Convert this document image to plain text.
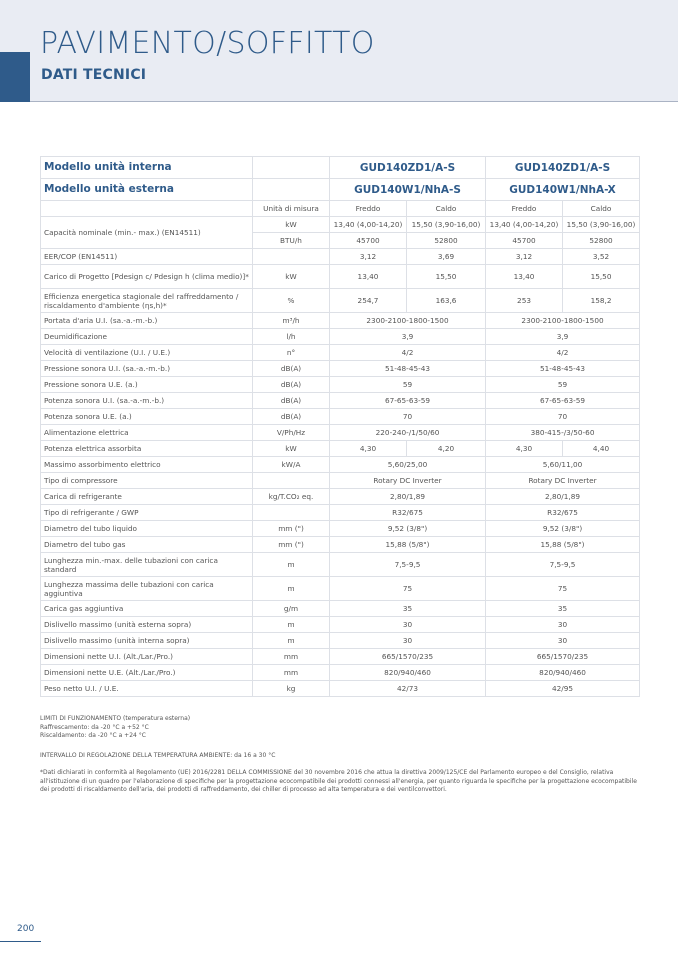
PAVIMENTO/SOFFITTO
DATI TECNICI
Modello unità interna		GUD140ZD1/A-S		GUD140ZD1/A-S	
Modello unità esterna		GUD140W1/NhA-S		GUD140W1/NhA-X	
	Unità di misura	Freddo	Caldo	Freddo	Caldo
Capacità nominale (min.- max.) (EN14511)	kW	13,40 (4,00-14,20)	15,50 (3,90-16,00)	13,40 (4,00-14,20)	15,50 (3,90-16,00)
	BTU/h	45700	52800	45700	52800
EER/COP (EN14511)		3,12	3,69	3,12	3,52
Carico di Progetto [Pdesign c/ Pdesign h (clima medio)]*	kW	13,40	15,50	13,40	15,50
Efficienza energetica stagionale del raffreddamento / riscaldamento d'ambiente (ηs,h)*	%	254,7	163,6	253	158,2
Portata d'aria U.I. (sa.-a.-m.-b.)	m³/h	2300-2100-1800-1500		2300-2100-1800-1500	
Deumidificazione	l/h	3,9		3,9	
Velocità di ventilazione (U.I. / U.E.)	n°	4/2		4/2	
Pressione sonora U.I. (sa.-a.-m.-b.)	dB(A)	51-48-45-43		51-48-45-43	
Pressione sonora U.E. (a.)	dB(A)	59		59	
Potenza sonora U.I. (sa.-a.-m.-b.)	dB(A)	67-65-63-59		67-65-63-59	
Potenza sonora U.E. (a.)	dB(A)	70		70	
Alimentazione elettrica	V/Ph/Hz	220-240-/1/50/60		380-415-/3/50-60	
Potenza elettrica assorbita	kW	4,30	4,20	4,30	4,40
Massimo assorbimento elettrico	kW/A	5,60/25,00		5,60/11,00	
Tipo di compressore		Rotary DC Inverter		Rotary DC Inverter	
Carica di refrigerante	kg/T.CO₂ eq.	2,80/1,89		2,80/1,89	
Tipo di refrigerante / GWP		R32/675		R32/675	
Diametro del tubo liquido	mm (")	9,52 (3/8")		9,52 (3/8")	
Diametro del tubo gas	mm (")	15,88 (5/8")		15,88 (5/8")	
Lunghezza min.-max. delle tubazioni con carica standard	m	7,5-9,5		7,5-9,5	
Lunghezza massima delle tubazioni con carica aggiuntiva	m	75		75	
Carica gas aggiuntiva	g/m	35		35	
Dislivello massimo (unità esterna sopra)	m	30		30	
Dislivello massimo (unità interna sopra)	m	30		30	
Dimensioni nette U.I. (Alt./Lar./Pro.)	mm	665/1570/235		665/1570/235	
Dimensioni nette U.E. (Alt./Lar./Pro.)	mm	820/940/460		820/940/460	
Peso netto U.I. / U.E.	kg	42/73		42/95	
LIMITI DI FUNZIONAMENTO (temperatura esterna)
Raffrescamento: da -20 °C a +52 °C
Riscaldamento: da -20 °C a +24 °C
INTERVALLO DI REGOLAZIONE DELLA TEMPERATURA AMBIENTE: da 16 a 30 °C
*Dati dichiarati in conformità al Regolamento (UE) 2016/2281 DELLA COMMISSIONE del 30 novembre 2016 che attua la direttiva 2009/125/CE del Parlamento europeo e del Consiglio, relativa all'istituzione di un quadro per l'elaborazione di specifiche per la progettazione ecocompatibile dei prodotti connessi all'energia, per quanto riguarda le specifiche per la progettazione ecocompatibile dei prodotti di riscaldamento dell'aria, dei prodotti di raffreddamento, dei chiller di processo ad alta temperatura e dei ventilconvettori.
200
